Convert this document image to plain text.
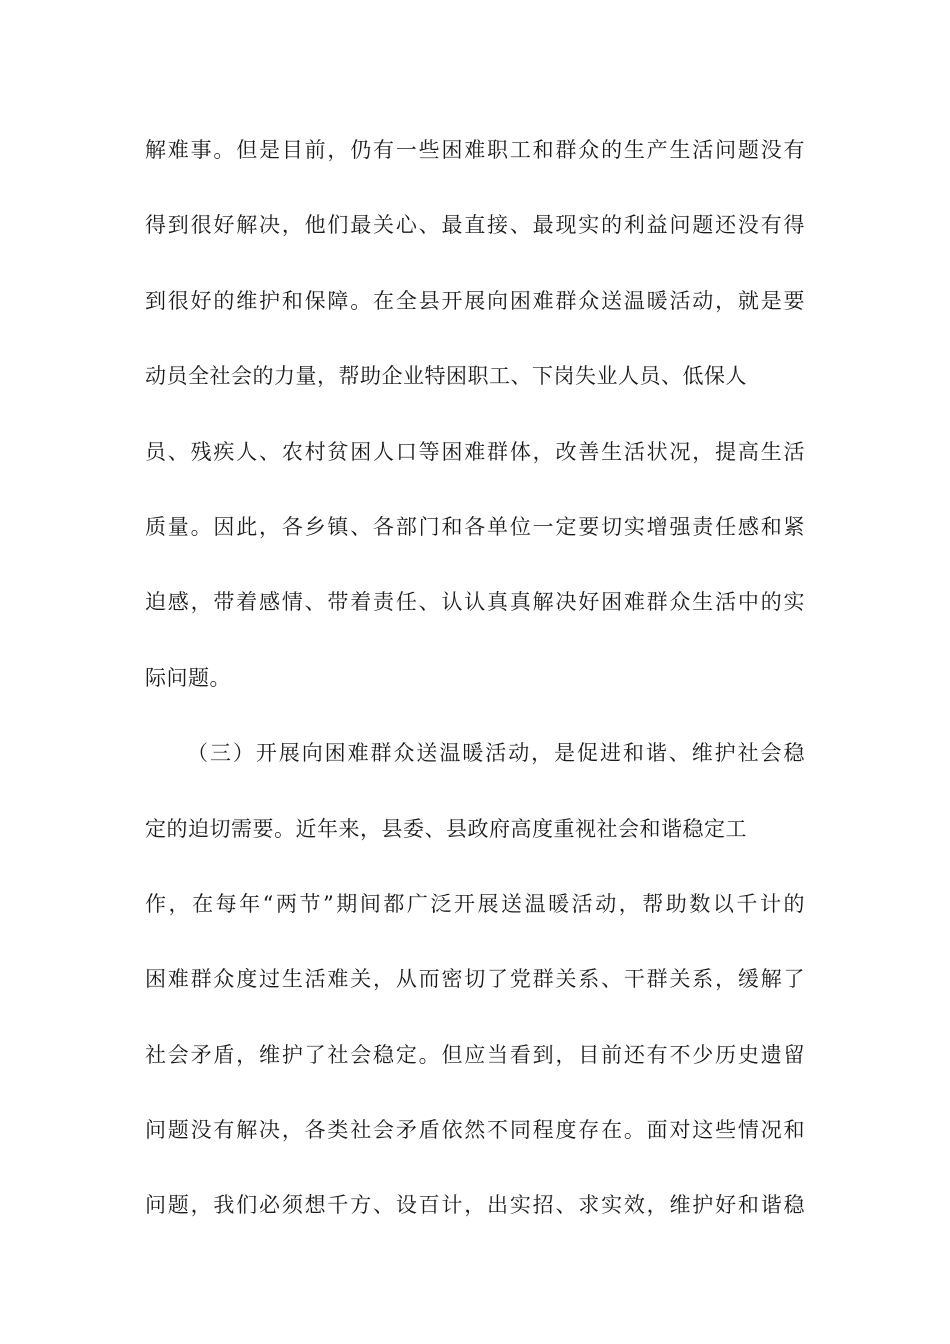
解难事。但是目前，仍有一些困难职工和群众的生产生活问题没有
得到很好解决，他们最关心、最直接、最现实的利益问题还没有得
到很好的维护和保障。在全县开展向困难群众送温暖活动，就是要
动员全社会的力量，帮助企业特困职工、下岗失业人员、低保人
员、残疾人、农村贫困人口等困难群体，改善生活状况，提高生活
质量。因此，各乡镇、各部门和各单位一定要切实增强责任感和紧
迫感，带着感情、带着责任、认认真真解决好困难群众生活中的实
际问题。
（三）开展向困难群众送温暖活动，是促进和谐、维护社会稳
定的迫切需要。近年来，县委、县政府高度重视社会和谐稳定工
作，在每年“两节”期间都广泛开展送温暖活动，帮助数以千计的
困难群众度过生活难关，从而密切了党群关系、干群关系，缓解了
社会矛盾，维护了社会稳定。但应当看到，目前还有不少历史遗留
问题没有解决，各类社会矛盾依然不同程度存在。面对这些情况和
问题，我们必须想千方、设百计，出实招、求实效，维护好和谐稳
